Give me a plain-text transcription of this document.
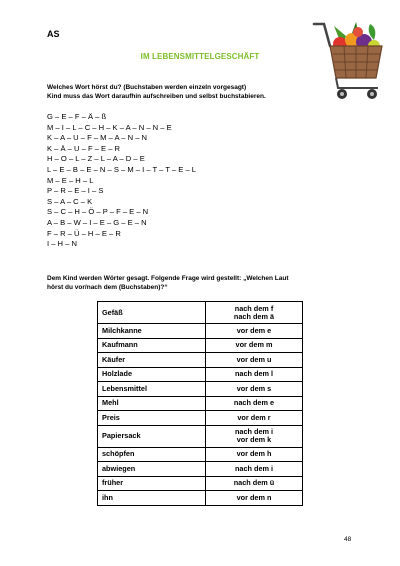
AS
IM LEBENSMITTELGESCHÄFT
Welches Wort hörst du? (Buchstaben werden einzeln vorgesagt)
Kind muss das Wort daraufhin aufschreiben und selbst buchstabieren.
G – E – F – Ä – ß
M – I – L – C – H – K – A – N – N – E
K – A – U – F – M – A – N – N
K – Ä – U – F – E – R
H – O – L – Z – L – A – D – E
L – E – B – E – N – S – M – I – T – T – E – L
M – E – H – L
P – R – E – I – S
S – A – C – K
S – C – H – Ö – P – F – E – N
A – B – W – I – E – G – E – N
F – R – Ü – H – E – R
I – H – N
Dem Kind werden Wörter gesagt. Folgende Frage wird gestellt: „Welchen Laut
hörst du vor/nach dem (Buchstaben)?“
Gefäß	nach dem f
nach dem ä

Milchkanne	vor dem e
Kaufmann	vor dem m
Käufer	vor dem u
Holzlade	nach dem l
Lebensmittel	vor dem s
Mehl	nach dem e
Preis	vor dem r
Papiersack	nach dem i
vor dem k

schöpfen	vor dem h
abwiegen	nach dem i
früher	nach dem ü
ihn	vor dem n
48
